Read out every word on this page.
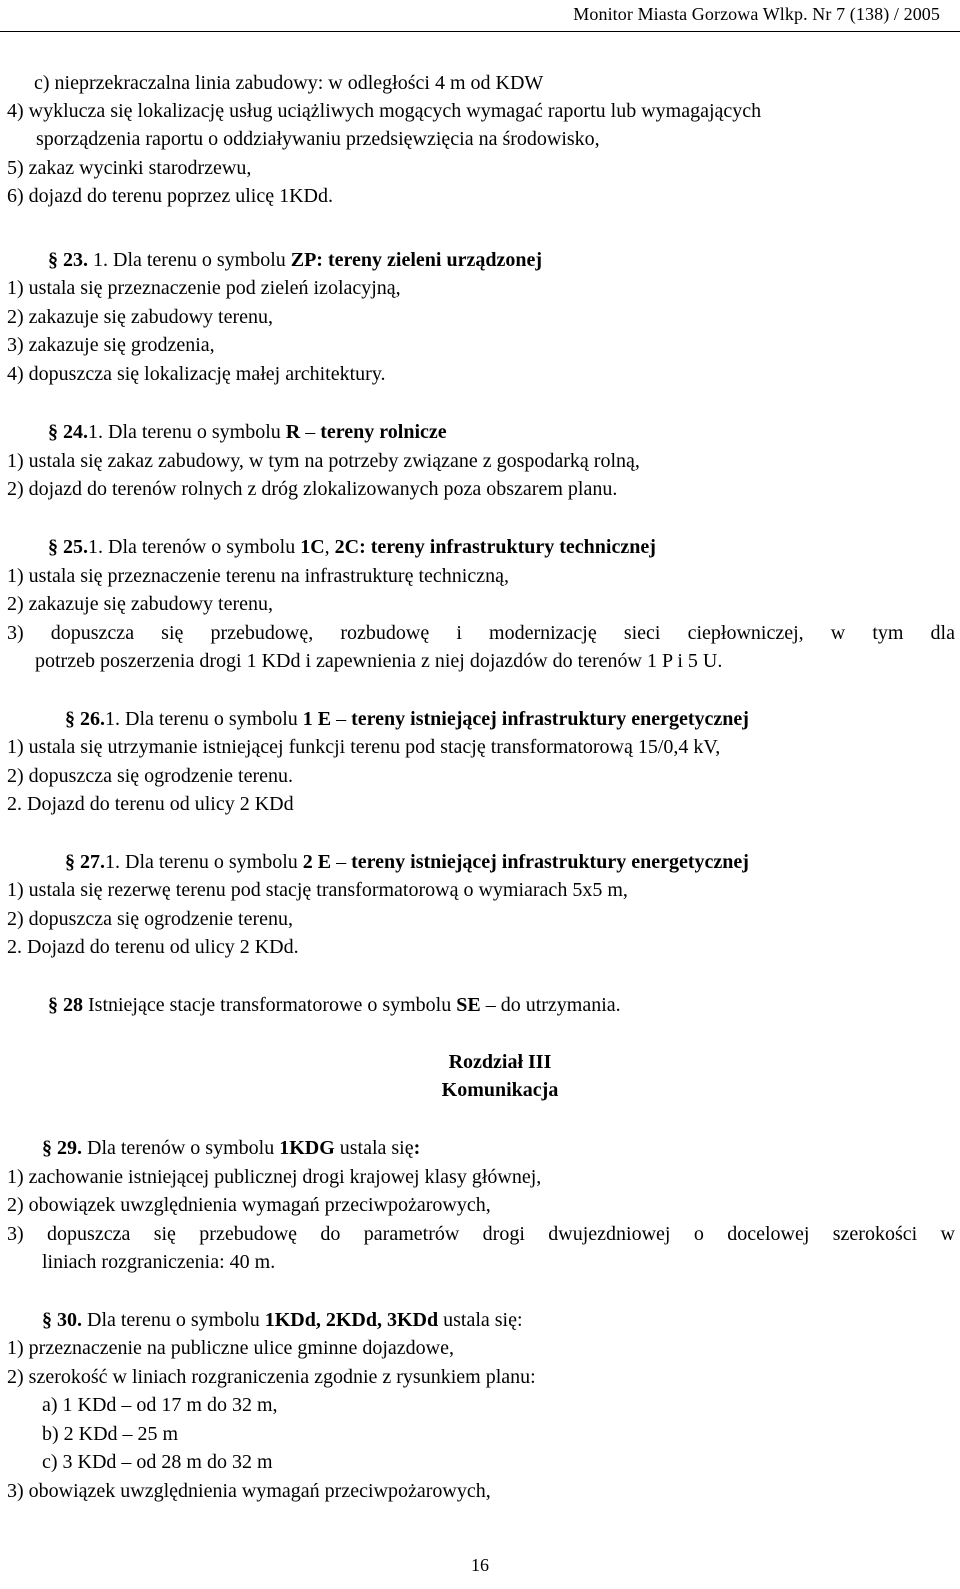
Monitor Miasta Gorzowa Wlkp. Nr 7 (138) / 2005
c) nieprzekraczalna linia zabudowy: w odległości 4 m od KDW
4) wyklucza się lokalizację usług uciążliwych mogących wymagać raportu lub wymagających
sporządzenia raportu o oddziaływaniu przedsięwzięcia na środowisko,
5) zakaz wycinki starodrzewu,
6) dojazd do terenu poprzez ulicę 1KDd.
§ 23. 1. Dla terenu o symbolu ZP: tereny zieleni urządzonej
1) ustala się przeznaczenie pod zieleń izolacyjną,
2) zakazuje się zabudowy terenu,
3) zakazuje się grodzenia,
4) dopuszcza się lokalizację małej architektury.
§ 24.1. Dla terenu o symbolu R – tereny rolnicze
1) ustala się zakaz zabudowy, w tym na potrzeby związane z gospodarką rolną,
2) dojazd do terenów rolnych z dróg zlokalizowanych poza obszarem planu.
§ 25.1. Dla terenów o symbolu 1C, 2C: tereny infrastruktury technicznej
1) ustala się przeznaczenie terenu na infrastrukturę techniczną,
2) zakazuje się zabudowy terenu,
3) dopuszcza się przebudowę, rozbudowę i modernizację sieci ciepłowniczej, w tym dla
potrzeb poszerzenia drogi 1 KDd i zapewnienia z niej dojazdów do terenów 1 P i 5 U.
§ 26.1. Dla terenu o symbolu 1 E – tereny istniejącej infrastruktury energetycznej
1) ustala się utrzymanie istniejącej funkcji terenu pod stację transformatorową 15/0,4 kV,
2) dopuszcza się ogrodzenie terenu.
2. Dojazd do terenu od ulicy 2 KDd
§ 27.1. Dla terenu o symbolu 2 E – tereny istniejącej infrastruktury energetycznej
1) ustala się rezerwę terenu pod stację transformatorową o wymiarach 5x5 m,
2) dopuszcza się ogrodzenie terenu,
2. Dojazd do terenu od ulicy 2 KDd.
§ 28 Istniejące stacje transformatorowe o symbolu SE – do utrzymania.
Rozdział III
Komunikacja
§ 29. Dla terenów o symbolu 1KDG ustala się:
1) zachowanie istniejącej publicznej drogi krajowej klasy głównej,
2) obowiązek uwzględnienia wymagań przeciwpożarowych,
3) dopuszcza się przebudowę do parametrów drogi dwujezdniowej o docelowej szerokości w
liniach rozgraniczenia: 40 m.
§ 30. Dla terenu o symbolu 1KDd, 2KDd, 3KDd ustala się:
1) przeznaczenie na publiczne ulice gminne dojazdowe,
2) szerokość w liniach rozgraniczenia zgodnie z rysunkiem planu:
a) 1 KDd – od 17 m do 32 m,
b) 2 KDd – 25 m
c) 3 KDd – od 28 m do 32 m
3) obowiązek uwzględnienia wymagań przeciwpożarowych,
16
